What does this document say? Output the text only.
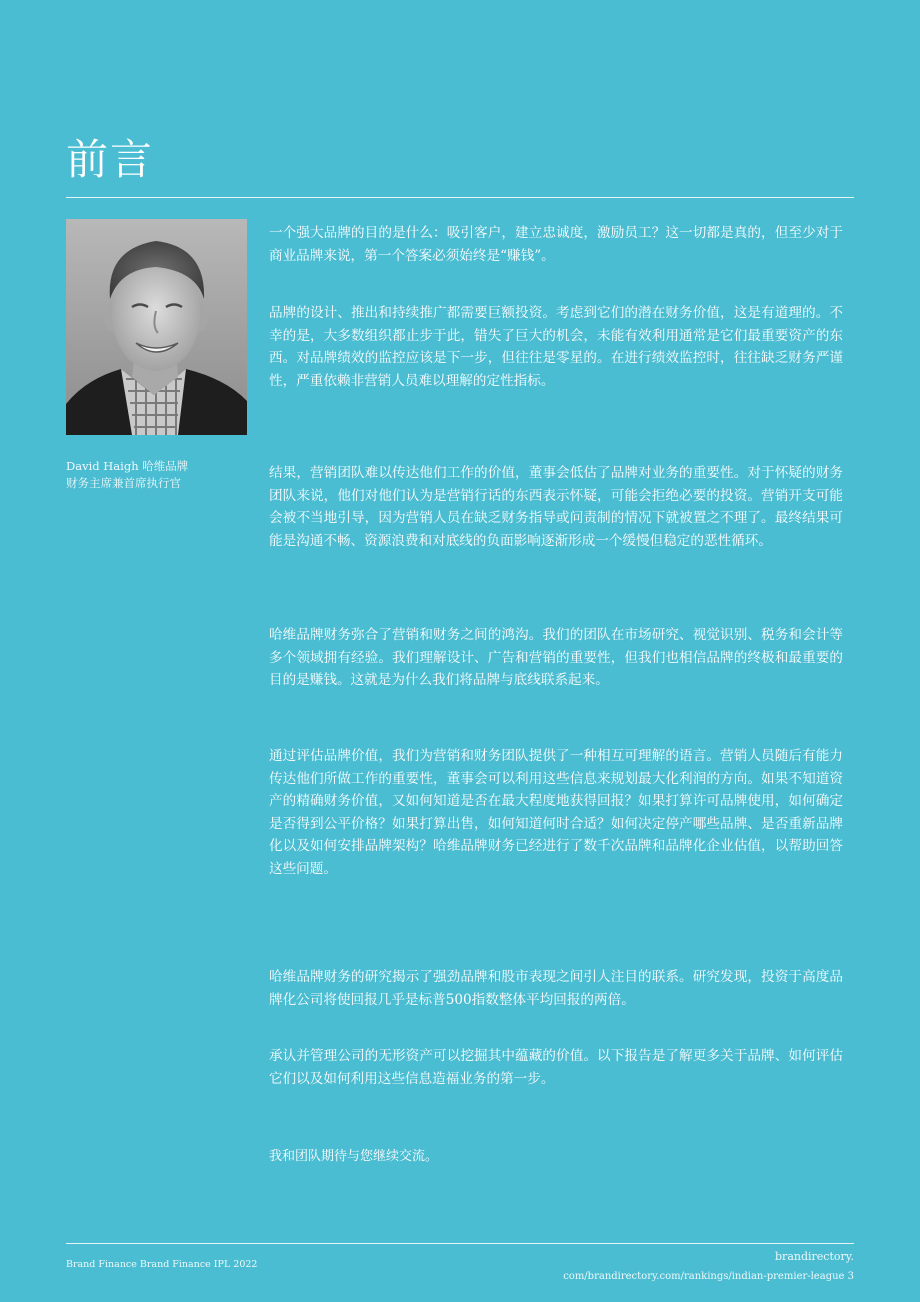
前言
David Haigh 哈维品牌财务主席兼首席执行官

一个强大品牌的目的是什么：吸引客户，建立忠诚度，激励员工？这一切都是真的，但至少对于商业品牌来说，第一个答案必须始终是“赚钱”。

品牌的设计、推出和持续推广都需要巨额投资。考虑到它们的潜在财务价值，这是有道理的。不幸的是，大多数组织都止步于此，错失了巨大的机会，未能有效利用通常是它们最重要资产的东西。对品牌绩效的监控应该是下一步，但往往是零星的。在进行绩效监控时，往往缺乏财务严谨性，严重依赖非营销人员难以理解的定性指标。

结果，营销团队难以传达他们工作的价值，董事会低估了品牌对业务的重要性。对于怀疑的财务团队来说，他们对他们认为是营销行话的东西表示怀疑，可能会拒绝必要的投资。营销开支可能会被不当地引导，因为营销人员在缺乏财务指导或问责制的情况下就被置之不理了。最终结果可能是沟通不畅、资源浪费和对底线的负面影响逐渐形成一个缓慢但稳定的恶性循环。

哈维品牌财务弥合了营销和财务之间的鸿沟。我们的团队在市场研究、视觉识别、税务和会计等多个领域拥有经验。我们理解设计、广告和营销的重要性，但我们也相信品牌的终极和最重要的目的是赚钱。这就是为什么我们将品牌与底线联系起来。

通过评估品牌价值，我们为营销和财务团队提供了一种相互可理解的语言。营销人员随后有能力传达他们所做工作的重要性，董事会可以利用这些信息来规划最大化利润的方向。如果不知道资产的精确财务价值，又如何知道是否在最大程度地获得回报？如果打算许可品牌使用，如何确定是否得到公平价格？如果打算出售，如何知道何时合适？如何决定停产哪些品牌、是否重新品牌化以及如何安排品牌架构？哈维品牌财务已经进行了数千次品牌和品牌化企业估值，以帮助回答这些问题。

哈维品牌财务的研究揭示了强劲品牌和股市表现之间引人注目的联系。研究发现，投资于高度品牌化公司将使回报几乎是标普500指数整体平均回报的两倍。

承认并管理公司的无形资产可以挖掘其中蕴藏的价值。以下报告是了解更多关于品牌、如何评估它们以及如何利用这些信息造福业务的第一步。

我和团队期待与您继续交流。

Brand Finance Brand Finance IPL 2022
brandirectory.
com/brandirectory.com/rankings/indian-premier-league 3
